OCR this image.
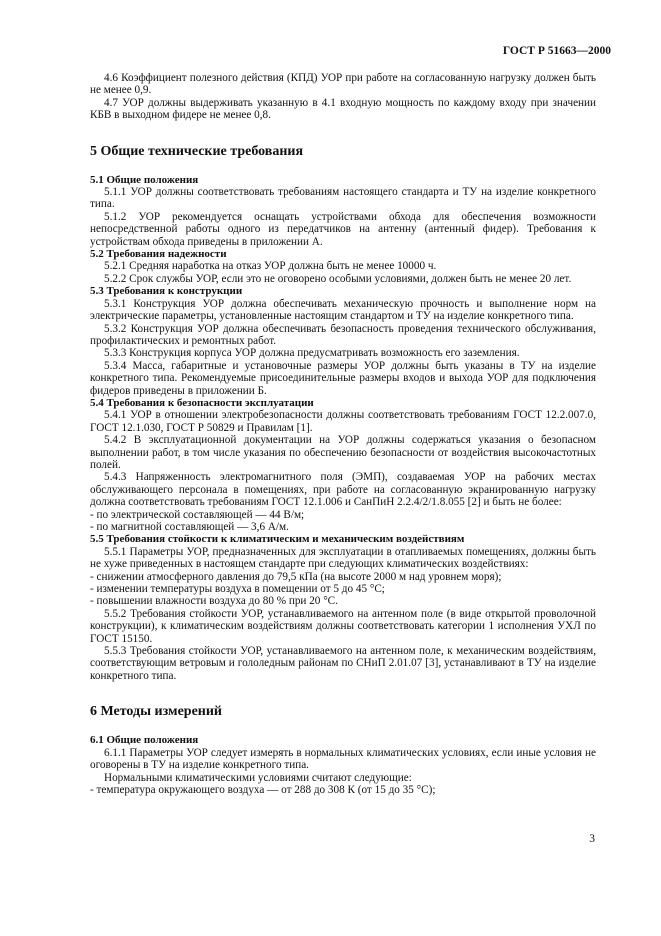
ГОСТ Р 51663—2000

4.6 Коэффициент полезного действия (КПД) УОР при работе на согласованную нагрузку должен быть не менее 0,9.

4.7 УОР должны выдерживать указанную в 4.1 входную мощность по каждому входу при значении КБВ в выходном фидере не менее 0,8.

5 Общие технические требования
5.1 Общие положения

5.1.1 УОР должны соответствовать требованиям настоящего стандарта и ТУ на изделие конкретного типа.

5.1.2 УОР рекомендуется оснащать устройствами обхода для обеспечения возможности непосредственной работы одного из передатчиков на антенну (антенный фидер). Требования к устройствам обхода приведены в приложении А.

5.2 Требования надежности

5.2.1 Средняя наработка на отказ УОР должна быть не менее 10000 ч.

5.2.2 Срок службы УОР, если это не оговорено особыми условиями, должен быть не менее 20 лет.

5.3 Требования к конструкции

5.3.1 Конструкция УОР должна обеспечивать механическую прочность и выполнение норм на электрические параметры, установленные настоящим стандартом и ТУ на изделие конкретного типа.

5.3.2 Конструкция УОР должна обеспечивать безопасность проведения технического обслуживания, профилактических и ремонтных работ.

5.3.3 Конструкция корпуса УОР должна предусматривать возможность его заземления.

5.3.4 Масса, габаритные и установочные размеры УОР должны быть указаны в ТУ на изделие конкретного типа. Рекомендуемые присоединительные размеры входов и выхода УОР для подключения фидеров приведены в приложении Б.

5.4 Требования к безопасности эксплуатации

5.4.1 УОР в отношении электробезопасности должны соответствовать требованиям ГОСТ 12.2.007.0, ГОСТ 12.1.030, ГОСТ Р 50829 и Правилам [1].

5.4.2 В эксплуатационной документации на УОР должны содержаться указания о безопасном выполнении работ, в том числе указания по обеспечению безопасности от воздействия высокочастотных полей.

5.4.3 Напряженность электромагнитного поля (ЭМП), создаваемая УОР на рабочих местах обслуживающего персонала в помещениях, при работе на согласованную экранированную нагрузку должна соответствовать требованиям ГОСТ 12.1.006 и СанПиН 2.2.4/2/1.8.055 [2] и быть не более:

- по электрической составляющей — 44 В/м;

- по магнитной составляющей — 3,6 А/м.

5.5 Требования стойкости к климатическим и механическим воздействиям

5.5.1 Параметры УОР, предназначенных для эксплуатации в отапливаемых помещениях, должны быть не хуже приведенных в настоящем стандарте при следующих климатических воздействиях:

- снижении атмосферного давления до 79,5 кПа (на высоте 2000 м над уровнем моря);

- изменении температуры воздуха в помещении от 5 до 45 °С;

- повышении влажности воздуха до 80 % при 20 °С.

5.5.2 Требования стойкости УОР, устанавливаемого на антенном поле (в виде открытой проволочной конструкции), к климатическим воздействиям должны соответствовать категории 1 исполнения УХЛ по ГОСТ 15150.

5.5.3 Требования стойкости УОР, устанавливаемого на антенном поле, к механическим воздействиям, соответствующим ветровым и гололедным районам по СНиП 2.01.07 [3], устанавливают в ТУ на изделие конкретного типа.

6 Методы измерений
6.1 Общие положения

6.1.1 Параметры УОР следует измерять в нормальных климатических условиях, если иные условия не оговорены в ТУ на изделие конкретного типа.

Нормальными климатическими условиями считают следующие:

- температура окружающего воздуха — от 288 до 308 К (от 15 до 35 °С);

3
